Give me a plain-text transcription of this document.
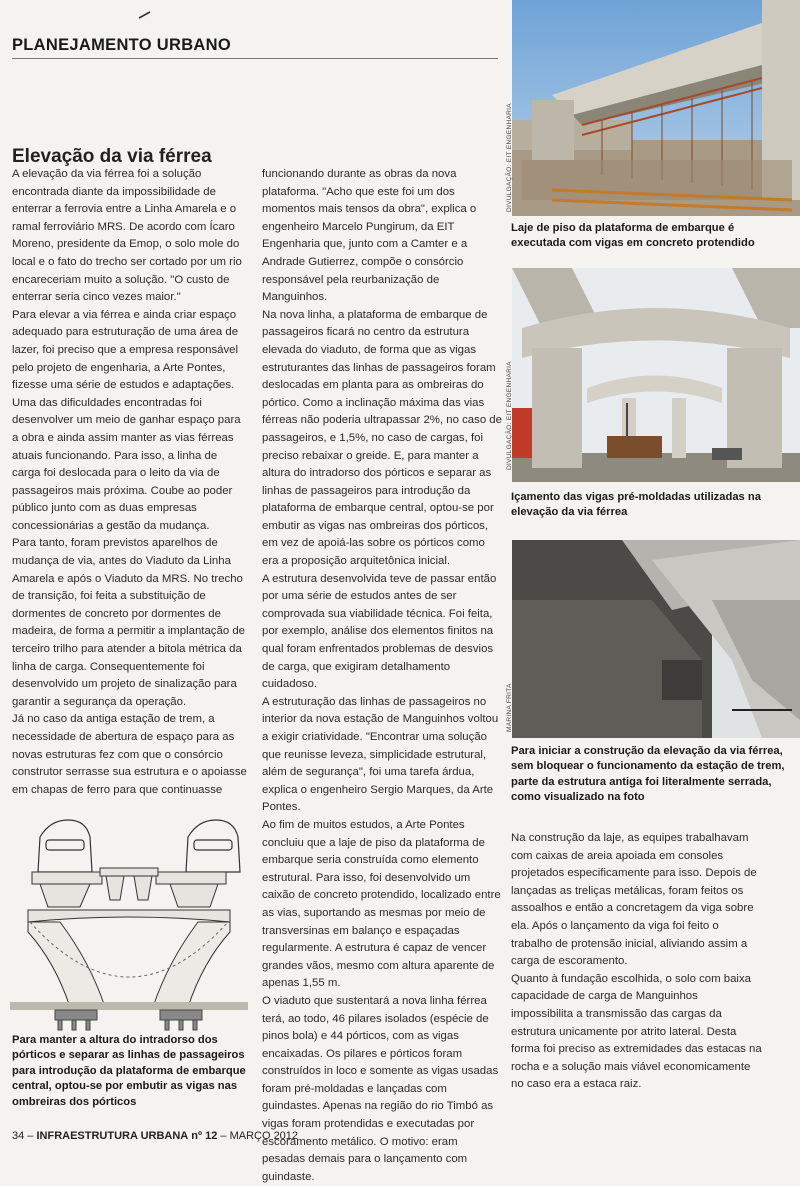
PLANEJAMENTO URBANO
Elevação da via férrea

A elevação da via férrea foi a solução encontrada diante da impossibilidade de enterrar a ferrovia entre a Linha Amarela e o ramal ferroviário MRS. De acordo com Ícaro Moreno, presidente da Emop, o solo mole do local e o fato do trecho ser cortado por um rio encareceriam muito a solução. "O custo de enterrar seria cinco vezes maior."

Para elevar a via férrea e ainda criar espaço adequado para estruturação de uma área de lazer, foi preciso que a empresa responsável pelo projeto de engenharia, a Arte Pontes, fizesse uma série de estudos e adaptações.

Uma das dificuldades encontradas foi desenvolver um meio de ganhar espaço para a obra e ainda assim manter as vias férreas atuais funcionando. Para isso, a linha de carga foi deslocada para o leito da via de passageiros mais próxima. Coube ao poder público junto com as duas empresas concessionárias a gestão da mudança.

Para tanto, foram previstos aparelhos de mudança de via, antes do Viaduto da Linha Amarela e após o Viaduto da MRS. No trecho de transição, foi feita a substituição de dormentes de concreto por dormentes de madeira, de forma a permitir a implantação de terceiro trilho para atender a bitola métrica da linha de carga. Consequentemente foi desenvolvido um projeto de sinalização para garantir a segurança da operação.

Já no caso da antiga estação de trem, a necessidade de abertura de espaço para as novas estruturas fez com que o consórcio construtor serrasse sua estrutura e o apoiasse em chapas de ferro para que continuasse

funcionando durante as obras da nova plataforma. "Acho que este foi um dos momentos mais tensos da obra", explica o engenheiro Marcelo Pungirum, da EIT Engenharia que, junto com a Camter e a Andrade Gutierrez, compõe o consórcio responsável pela reurbanização de Manguinhos.

Na nova linha, a plataforma de embarque de passageiros ficará no centro da estrutura elevada do viaduto, de forma que as vigas estruturantes das linhas de passageiros foram deslocadas em planta para as ombreiras do pórtico. Como a inclinação máxima das vias férreas não poderia ultrapassar 2%, no caso de passageiros, e 1,5%, no caso de cargas, foi preciso rebaixar o greide. E, para manter a altura do intradorso dos pórticos e separar as linhas de passageiros para introdução da plataforma de embarque central, optou-se por embutir as vigas nas ombreiras dos pórticos, em vez de apoiá-las sobre os pórticos como era a proposição arquitetônica inicial.

A estrutura desenvolvida teve de passar então por uma série de estudos antes de ser comprovada sua viabilidade técnica. Foi feita, por exemplo, análise dos elementos finitos na qual foram enfrentados problemas de desvios de carga, que exigiram detalhamento cuidadoso.

A estruturação das linhas de passageiros no interior da nova estação de Manguinhos voltou a exigir criatividade. "Encontrar uma solução que reunisse leveza, simplicidade estrutural, além de segurança", foi uma tarefa árdua, explica o engenheiro Sergio Marques, da Arte Pontes.

Ao fim de muitos estudos, a Arte Pontes concluiu que a laje de piso da plataforma de embarque seria construída como elemento estrutural. Para isso, foi desenvolvido um caixão de concreto protendido, localizado entre as vias, suportando as mesmas por meio de transversinas em balanço e espaçadas regularmente. A estrutura é capaz de vencer grandes vãos, mesmo com altura aparente de apenas 1,55 m.

O viaduto que sustentará a nova linha férrea terá, ao todo, 46 pilares isolados (espécie de pinos bola) e 44 pórticos, com as vigas encaixadas. Os pilares e pórticos foram construídos in loco e somente as vigas usadas foram pré-moldadas e lançadas com guindastes. Apenas na região do rio Timbó as vigas foram protendidas e executadas por escoramento metálico. O motivo: eram pesadas demais para o lançamento com guindaste.

Na construção da laje, as equipes trabalhavam com caixas de areia apoiada em consoles projetados especificamente para isso. Depois de lançadas as treliças metálicas, foram feitos os assoalhos e então a concretagem da viga sobre ela. Após o lançamento da viga foi feito o trabalho de protensão inicial, aliviando assim a carga de escoramento.

Quanto à fundação escolhida, o solo com baixa capacidade de carga de Manguinhos impossibilita a transmissão das cargas da estrutura unicamente por atrito lateral. Desta forma foi preciso as extremidades das estacas na rocha e a solução mais viável economicamente no caso era a estaca raiz.

DIVULGAÇÃO: EIT ENGENHARIA

Laje de piso da plataforma de embarque é executada com vigas em concreto protendido

DIVULGAÇÃO: EIT ENGENHARIA

Içamento das vigas pré-moldadas utilizadas na elevação da via férrea

MARINA FRITA

Para iniciar a construção da elevação da via férrea, sem bloquear o funcionamento da estação de trem, parte da estrutura antiga foi literalmente serrada, como visualizado na foto

Para manter a altura do intradorso dos pórticos e separar as linhas de passageiros para introdução da plataforma de embarque central, optou-se por embutir as vigas nas ombreiras dos pórticos

34 – INFRAESTRUTURA URBANA nº 12 – MARÇO 2012
